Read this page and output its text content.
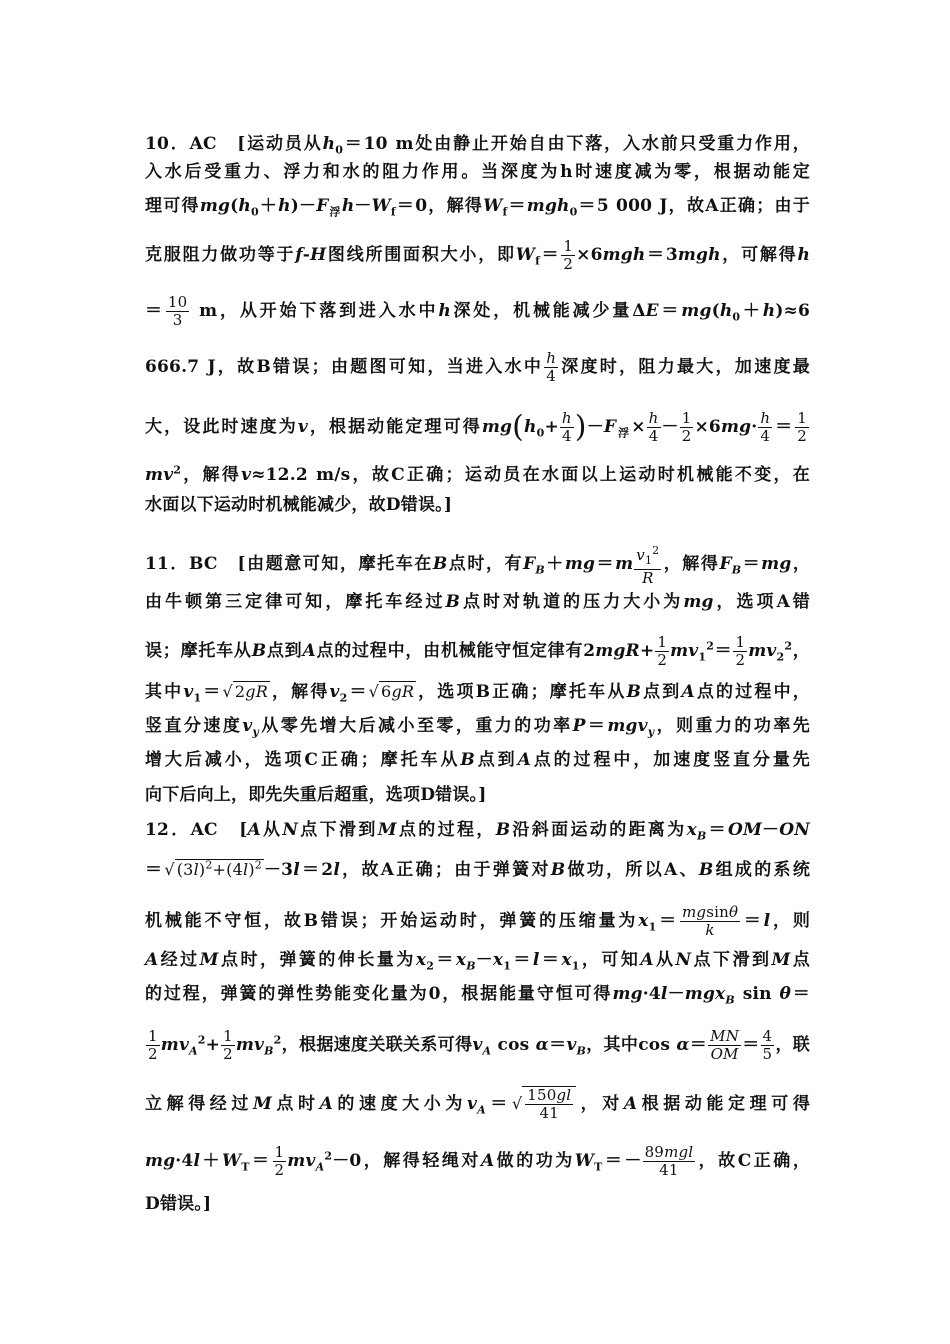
10．AC　[运动员从$h_0=10$ m处由静止开始自由下落，入水前只受重力作用，
入水后受重力、浮力和水的阻力作用。当深度为h时速度减为零，根据动能定
理可得$mg(h_0+h)-F_浮h-W_f=0$，解得$W_f=mgh_0=5$ 000 J，故A正确；由于
克服阻力做功等于f-H图线所围面积大小，即$W_f= \frac{1}{2} \times 6mgh=3mgh$，可解得h
＝ $\frac{10}{3}$ m，从开始下落到进入水中h深处，机械能减少量$\Delta E=mg(h_0+h)\approx 6$
666.7 J，故B错误；由题图可知，当进入水中 $\frac{h}{4}$ 深度时，阻力最大，加速度最
大，设此时速度为v，根据动能定理可得$mg(h_0+ \frac{h}{4} )-F_浮\times \frac{h}{4} - \frac{1}{2} \times 6mg\cdot \frac{h}{4} = \frac{1}{2}$
$mv^2$，解得v≈12.2 m/s，故C正确；运动员在水面以上运动时机械能不变，在
水面以下运动时机械能减少，故D错误。]
11．BC　[由题意可知，摩托车在B点时，有$F_B+mg=m \frac{v_1^2}{R}$ ，解得$F_B=mg$，
由牛顿第三定律可知，摩托车经过B点时对轨道的压力大小为mg，选项A错
误；摩托车从B点到A点的过程中，由机械能守恒定律有$2mgR+ \frac{1}{2} mv_1^2= \frac{1}{2} mv_2^2$，
其中$v_1=√$ 2gR ，解得$v_2=√$ 6gR ，选项B正确；摩托车从B点到A点的过程中，
竖直分速度$v_y$从零先增大后减小至零，重力的功率P＝mgv$_y$，则重力的功率先
增大后减小，选项C正确；摩托车从B点到A点的过程中，加速度竖直分量先
向下后向上，即先失重后超重，选项D错误。]
12．AC　[A从N点下滑到M点的过程，B沿斜面运动的距离为$x_B=OM-ON$
＝√ $(3l)^2+(4l)^2 -3l=2l$，故A正确；由于弹簧对B做功，所以A、B组成的系统
机械能不守恒，故B错误；开始运动时，弹簧的压缩量为$x_1= \frac{mgsin\theta}{k} =l$，则
A经过M点时，弹簧的伸长量为$x_2=x_B-x_1=l=x_1$，可知A从N点下滑到M点
的过程，弹簧的弹性势能变化量为0，根据能量守恒可得mg·4l－mgx$_B$ sin θ＝
$\frac{1}{2} mv_A^2+ \frac{1}{2} mv_B^2$，根据速度关联关系可得$v_A$ $\cos \alpha=v_B$，其中$\cos \alpha= \frac{MN}{OM} = \frac{4}{5}$ ，联
立解得经过M点时A的速度大小为$v_A=√ \frac{150gl}{41}$ ，对A根据动能定理可得
$mg\cdot 4l+W_T= \frac{1}{2} mv_A^2-0$，解得轻绳对A做的功为$W_T=- \frac{\text{89mgl}}{41}$ ，故C正确，
D错误。]
